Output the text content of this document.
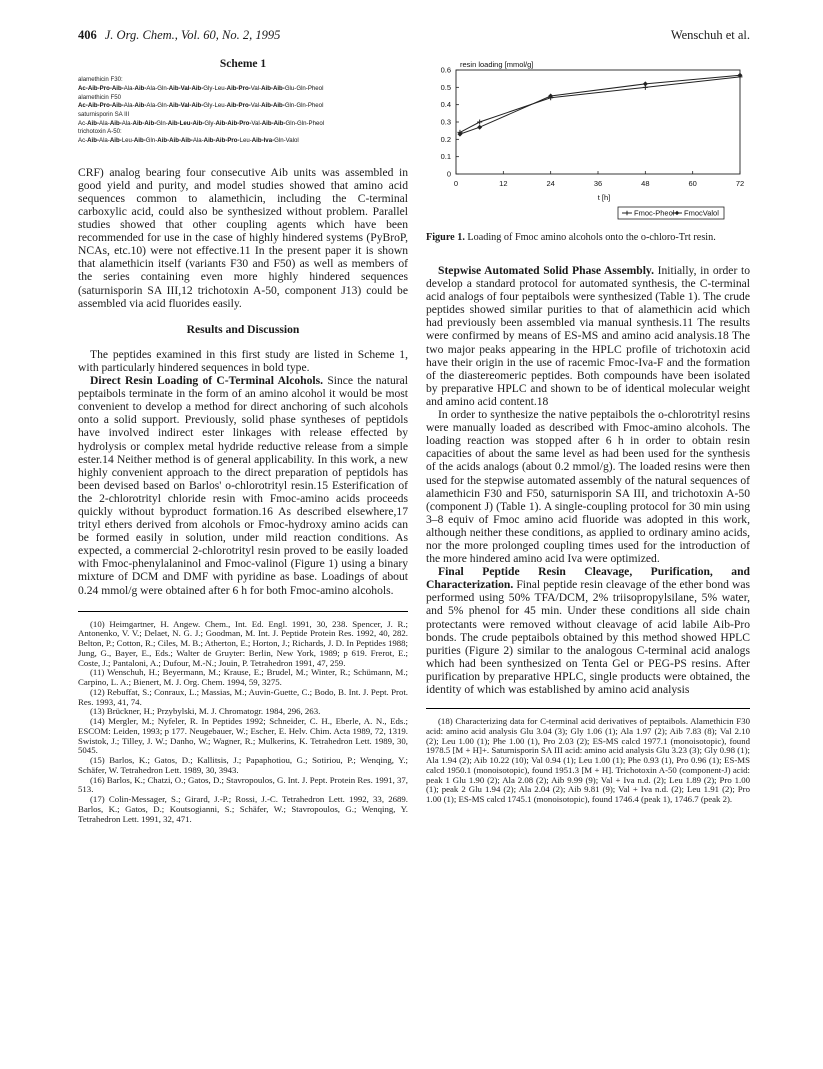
406 J. Org. Chem., Vol. 60, No. 2, 1995	Wenschuh et al.
Scheme 1
alamethicin F30:
Ac-Aib-Pro-Aib-Ala-Aib-Ala-Gln-Aib-Val-Aib-Gly-Leu-Aib-Pro-Val-Aib-Aib-Glu-Gln-Pheol
alamethicin F50
Ac-Aib-Pro-Aib-Ala-Aib-Ala-Gln-Aib-Val-Aib-Gly-Leu-Aib-Pro-Val-Aib-Aib-Gln-Gln-Pheol
saturnisporin SA III
Ac-Aib-Ala-Aib-Ala-Aib-Aib-Gln-Aib-Leu-Aib-Gly-Aib-Aib-Pro-Val-Aib-Aib-Gln-Gln-Pheol
trichotoxin A-50:
Ac-Aib-Ala-Aib-Leu-Aib-Gln-Aib-Aib-Aib-Ala-Aib-Aib-Pro-Leu-Aib-Iva-Gln-Valol

CRF) analog bearing four consecutive Aib units was assembled in good yield and purity, and model studies showed that amino acid sequences common to alamethicin, including the C-terminal carboxylic acid, could also be synthesized without problem. Parallel studies showed that other coupling agents which have been recommended for use in the case of highly hindered systems (PyBroP, NCAs, etc.10) were not effective.11 In the present paper it is shown that alamethicin itself (variants F30 and F50) as well as members of the series containing even more highly hindered sequences (saturnisporin SA III,12 trichotoxin A-50, component J13) could be assembled via acid fluorides easily.

Results and Discussion

The peptides examined in this first study are listed in Scheme 1, with particularly hindered sequences in bold type.

Direct Resin Loading of C-Terminal Alcohols. Since the natural peptaibols terminate in the form of an amino alcohol it would be most convenient to develop a method for direct anchoring of such alcohols onto a solid support. Previously, solid phase syntheses of peptidols have involved indirect ester linkages with release effected by hydrolysis or complex metal hydride reductive release from a simple ester.14 Neither method is of general applicability. In this work, a new highly convenient approach to the direct preparation of peptidols has been devised based on Barlos' o-chlorotrityl resin.15 Esterification of the 2-chlorotrityl chloride resin with Fmoc-amino acids proceeds quickly without byproduct formation.16 As described elsewhere,17 trityl ethers derived from alcohols or Fmoc-hydroxy amino acids can be formed easily in solution, under mild reaction conditions. As expected, a commercial 2-chlorotrityl resin proved to be easily loaded with Fmoc-phenylalaninol and Fmoc-valinol (Figure 1) using a binary mixture of DCM and DMF with pyridine as base. Loadings of about 0.24 mmol/g were obtained after 6 h for both Fmoc-amino alcohols.

(10) Heimgartner, H. Angew. Chem., Int. Ed. Engl. 1991, 30, 238. Spencer, J. R.; Antonenko, V. V.; Delaet, N. G. J.; Goodman, M. Int. J. Peptide Protein Res. 1992, 40, 282. Belton, P.; Cotton, R.; Ciles, M. B.; Atherton, E.; Horton, J.; Richards, J. D. In Peptides 1988; Jung, G., Bayer, E., Eds.; Walter de Gruyter: Berlin, New York, 1989; p 619. Frerot, E.; Coste, J.; Pantaloni, A.; Dufour, M.-N.; Jouin, P. Tetrahedron 1991, 47, 259.

(11) Wenschuh, H.; Beyermann, M.; Krause, E.; Brudel, M.; Winter, R.; Schümann, M.; Carpino, L. A.; Bienert, M. J. Org. Chem. 1994, 59, 3275.

(12) Rebuffat, S.; Conraux, L.; Massias, M.; Auvin-Guette, C.; Bodo, B. Int. J. Pept. Prot. Res. 1993, 41, 74.

(13) Brückner, H.; Przybylski, M. J. Chromatogr. 1984, 296, 263.

(14) Mergler, M.; Nyfeler, R. In Peptides 1992; Schneider, C. H., Eberle, A. N., Eds.; ESCOM: Leiden, 1993; p 177. Neugebauer, W.; Escher, E. Helv. Chim. Acta 1989, 72, 1319. Swistok, J.; Tilley, J. W.; Danho, W.; Wagner, R.; Mulkerins, K. Tetrahedron Lett. 1989, 30, 5045.

(15) Barlos, K.; Gatos, D.; Kallitsis, J.; Papaphotiou, G.; Sotiriou, P.; Wenqing, Y.; Schäfer, W. Tetrahedron Lett. 1989, 30, 3943.

(16) Barlos, K.; Chatzi, O.; Gatos, D.; Stavropoulos, G. Int. J. Pept. Protein Res. 1991, 37, 513.

(17) Colin-Messager, S.; Girard, J.-P.; Rossi, J.-C. Tetrahedron Lett. 1992, 33, 2689. Barlos, K.; Gatos, D.; Koutsogianni, S.; Schäfer, W.; Stavropoulos, G.; Wenqing, Y. Tetrahedron Lett. 1991, 32, 471.

resin loading [mmol/g]
0
0.1
0.2
0.3
0.4
0.5
0.6
0	12	24	36	48	60	72
t [h]
Fmoc-Pheol FmocValol
Figure 1. Loading of Fmoc amino alcohols onto the o-chloro-Trt resin.

Stepwise Automated Solid Phase Assembly. Initially, in order to develop a standard protocol for automated synthesis, the C-terminal acid analogs of four peptaibols were synthesized (Table 1). The crude peptides showed similar purities to that of alamethicin acid which had previously been assembled via manual synthesis.11 The results were confirmed by means of ES-MS and amino acid analysis.18 The two major peaks appearing in the HPLC profile of trichotoxin acid have their origin in the use of racemic Fmoc-Iva-F and the formation of the diastereomeric peptides. Both compounds have been isolated by preparative HPLC and shown to be of identical molecular weight and amino acid content.18

In order to synthesize the native peptaibols the o-chlorotrityl resins were manually loaded as described with Fmoc-amino alcohols. The loading reaction was stopped after 6 h in order to obtain resin capacities of about the same level as had been used for the synthesis of the acids analogs (about 0.2 mmol/g). The loaded resins were then used for the stepwise automated assembly of the natural sequences of alamethicin F30 and F50, saturnisporin SA III, and trichotoxin A-50 (component J) (Table 1). A single-coupling protocol for 30 min using 3–8 equiv of Fmoc amino acid fluoride was adopted in this work, although neither these conditions, as applied to ordinary amino acids, nor the more prolonged coupling times used for the introduction of the more hindered amino acid Iva were optimized.

Final Peptide Resin Cleavage, Purification, and Characterization. Final peptide resin cleavage of the ether bond was performed using 50% TFA/DCM, 2% triisopropylsilane, 5% water, and 5% phenol for 45 min. Under these conditions all side chain protectants were removed without cleavage of acid labile Aib-Pro bonds. The crude peptaibols obtained by this method showed HPLC purities (Figure 2) similar to the analogous C-terminal acid analogs which had been synthesized on Tenta Gel or PEG-PS resins. After purification by preparative HPLC, single products were obtained, the identity of which was established by amino acid analysis

(18) Characterizing data for C-terminal acid derivatives of peptaibols. Alamethicin F30 acid: amino acid analysis Glu 3.04 (3); Gly 1.06 (1); Ala 1.97 (2); Aib 7.83 (8); Val 2.10 (2); Leu 1.00 (1); Phe 1.00 (1), Pro 2.03 (2); ES-MS calcd 1977.1 (monoisotopic), found 1978.5 [M + H]+. Saturnisporin SA III acid: amino acid analysis Glu 3.23 (3); Gly 0.98 (1); Ala 1.94 (2); Aib 10.22 (10); Val 0.94 (1); Leu 1.00 (1); Phe 0.93 (1), Pro 0.96 (1); ES-MS calcd 1950.1 (monoisotopic), found 1951.3 [M + H]. Trichotoxin A-50 (component-J) acid: peak 1 Glu 1.90 (2); Ala 2.08 (2); Aib 9.99 (9); Val + Iva n.d. (2); Leu 1.89 (2); Pro 1.00 (1); peak 2 Glu 1.94 (2); Ala 2.04 (2); Aib 9.81 (9); Val + Iva n.d. (2); Leu 1.91 (2); Pro 1.00 (1); ES-MS calcd 1745.1 (monoisotopic), found 1746.4 (peak 1), 1746.7 (peak 2).
